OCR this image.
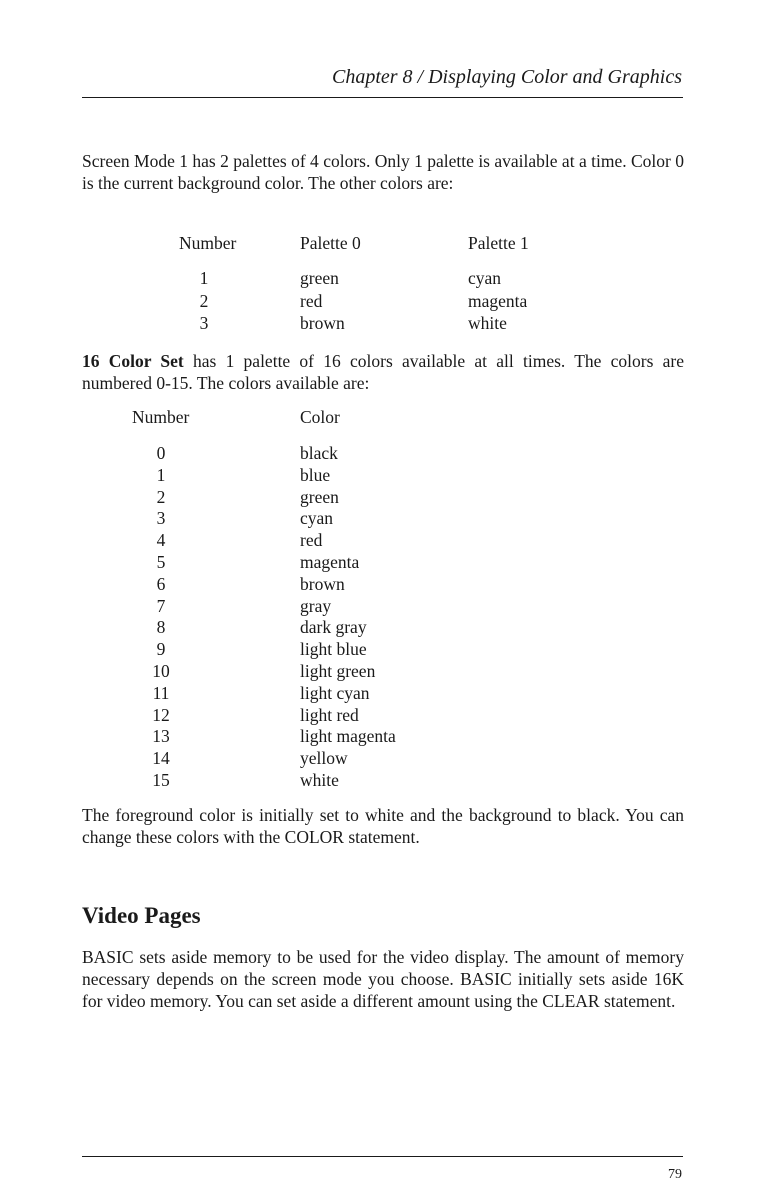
Chapter 8 / Displaying Color and Graphics
Screen Mode 1 has 2 palettes of 4 colors. Only 1 palette is available at a time. Color 0 is the current background color. The other colors are:
Number	Palette 0	Palette 1
1	green	cyan
2	red	magenta
3	brown	white
16 Color Set has 1 palette of 16 colors available at all times. The colors are numbered 0-15. The colors available are:
Number	Color
0	black
1	blue
2	green
3	cyan
4	red
5	magenta
6	brown
7	gray
8	dark gray
9	light blue
10	light green
11	light cyan
12	light red
13	light magenta
14	yellow
15	white
The foreground color is initially set to white and the background to black. You can change these colors with the COLOR statement.
Video Pages
BASIC sets aside memory to be used for the video display. The amount of memory necessary depends on the screen mode you choose. BASIC initially sets aside 16K for video memory. You can set aside a different amount using the CLEAR statement.
79
